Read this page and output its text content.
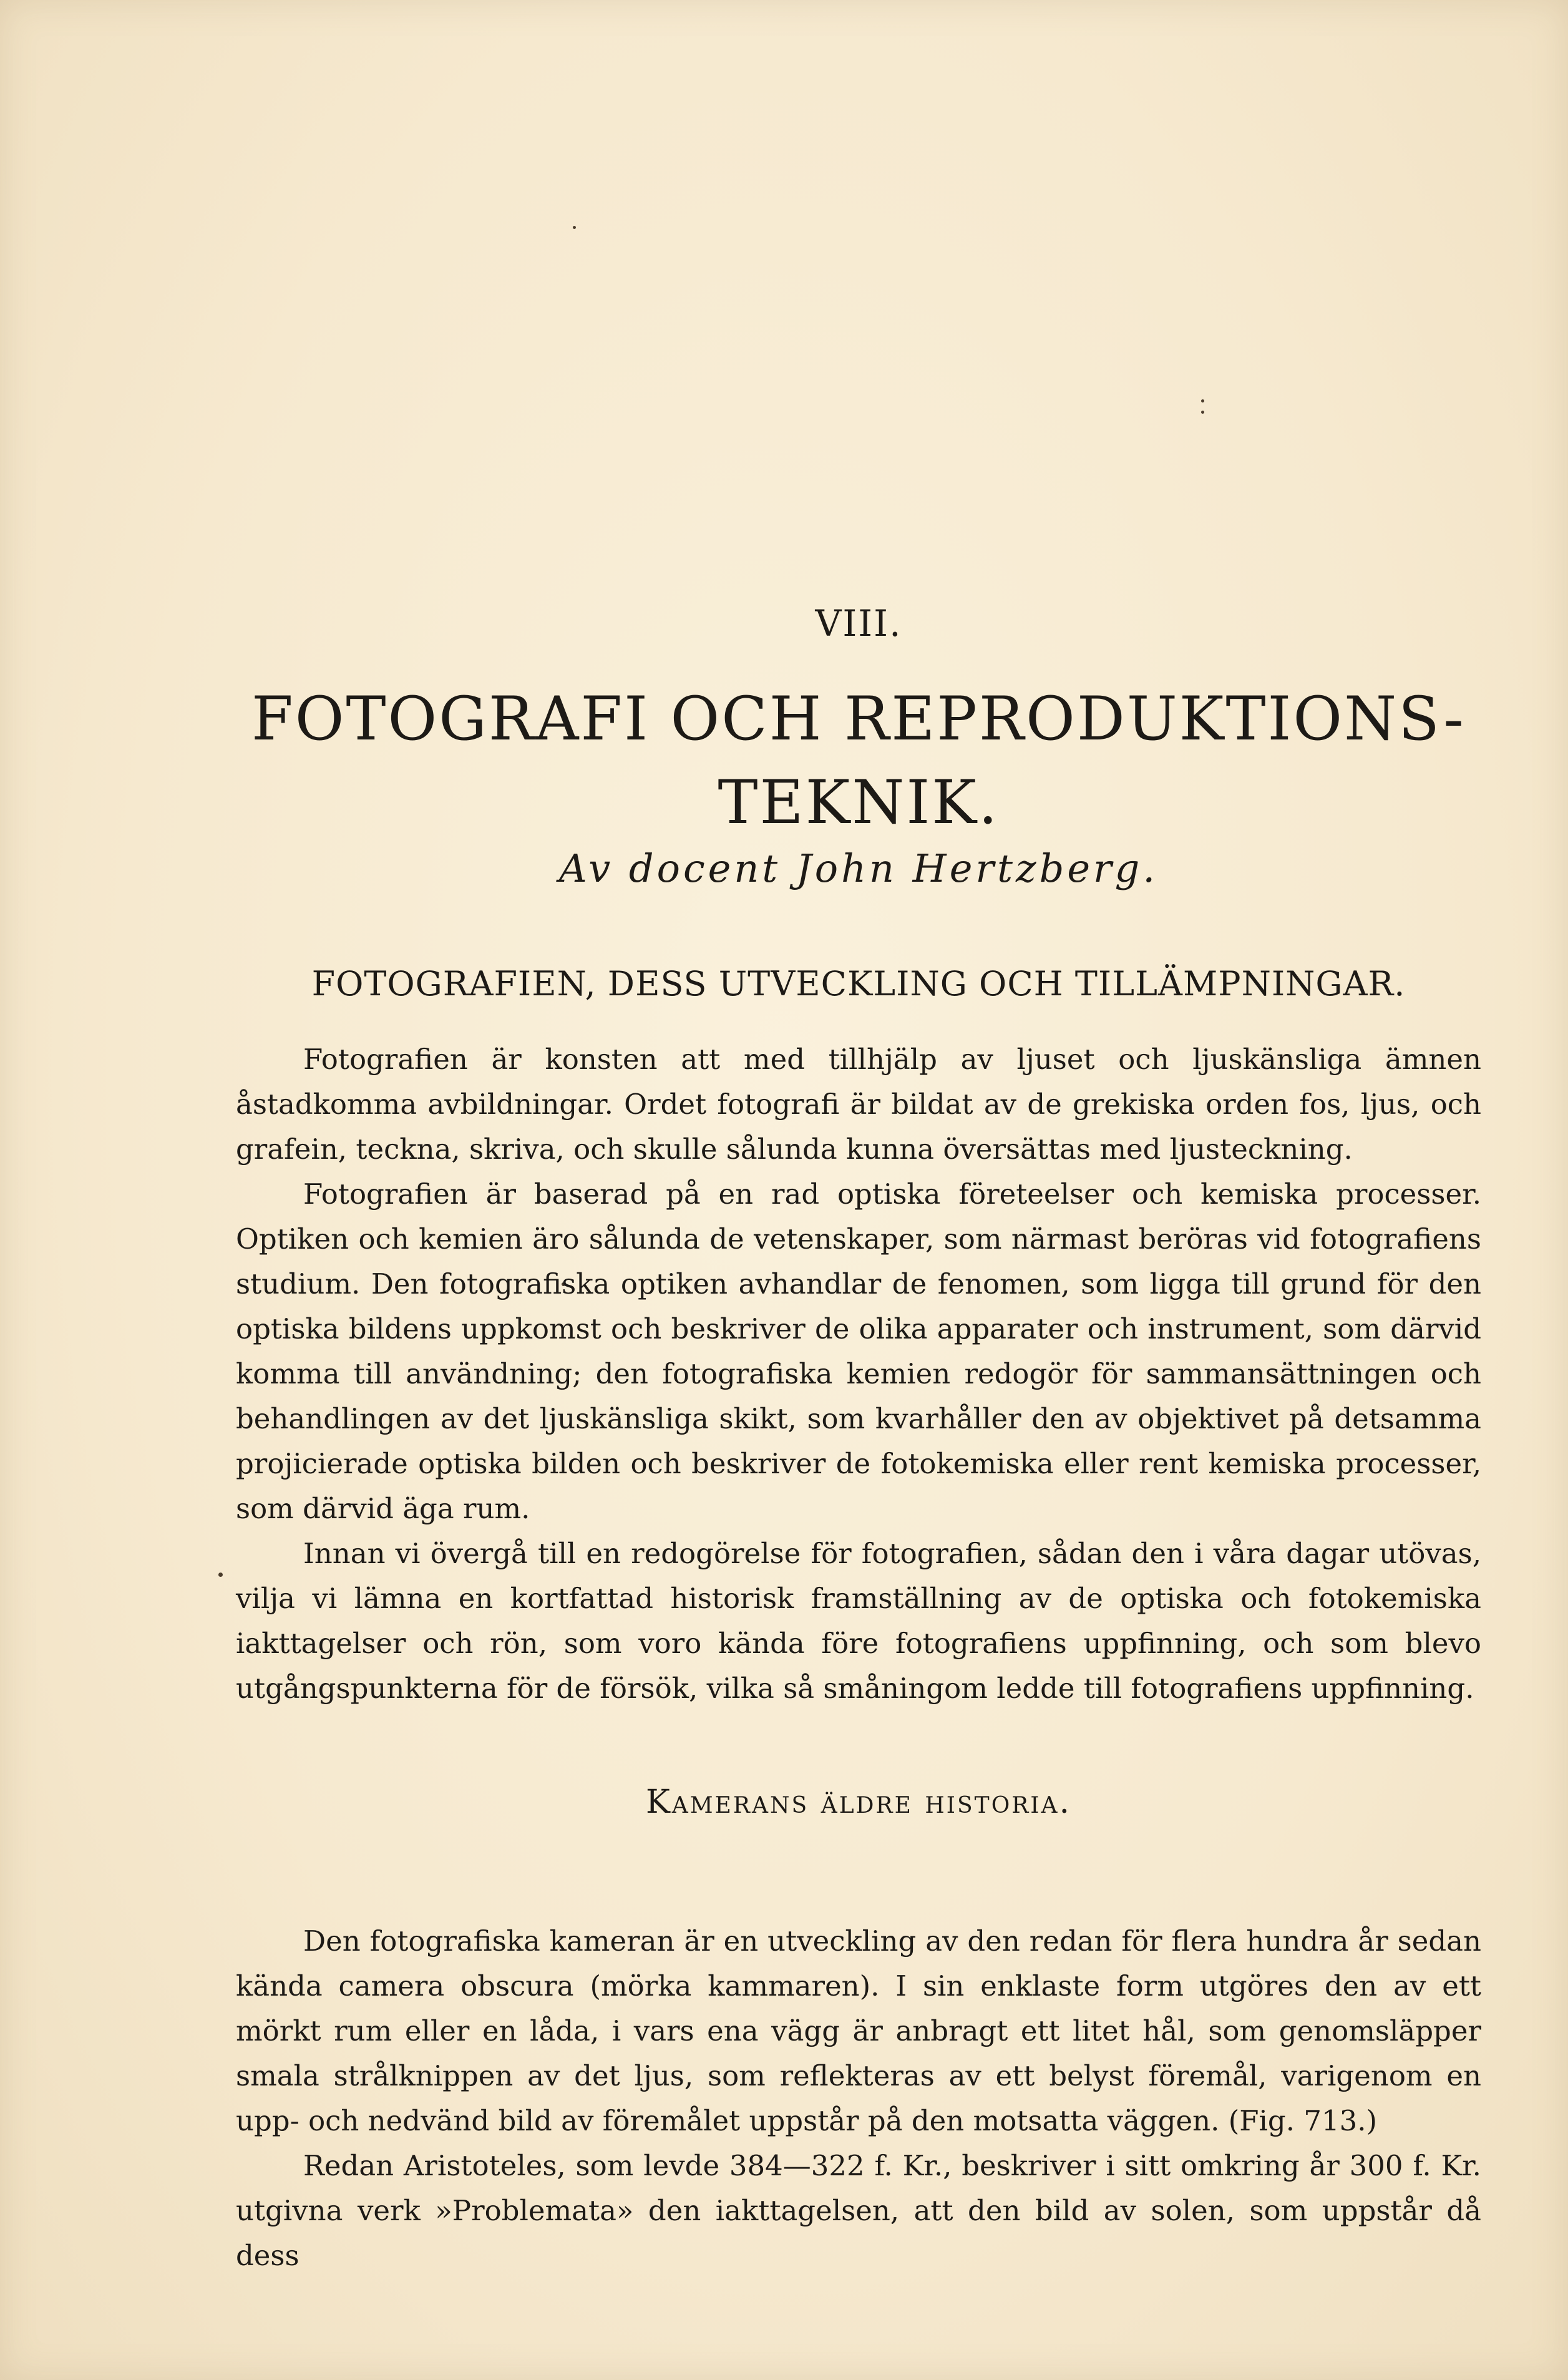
VIII.
FOTOGRAFI OCH REPRODUKTIONS-
TEKNIK.
Av docent John Hertzberg.
FOTOGRAFIEN, DESS UTVECKLING OCH TILLÄMPNINGAR.

Fotografien är konsten att med tillhjälp av ljuset och ljuskänsliga ämnen åstadkomma avbildningar. Ordet fotografi är bildat av de grekiska orden fos, ljus, och grafein, teckna, skriva, och skulle sålunda kunna översättas med ljusteckning.

Fotografien är baserad på en rad optiska företeelser och kemiska processer. Optiken och kemien äro sålunda de vetenskaper, som närmast beröras vid fotografiens studium. Den fotografiska optiken avhandlar de fenomen, som ligga till grund för den optiska bildens uppkomst och beskriver de olika apparater och instrument, som därvid komma till användning; den fotografiska kemien redogör för sammansättningen och behandlingen av det ljuskänsliga skikt, som kvarhåller den av objektivet på detsamma projicierade optiska bilden och beskriver de fotokemiska eller rent kemiska processer, som därvid äga rum.

Innan vi övergå till en redogörelse för fotografien, sådan den i våra dagar utövas, vilja vi lämna en kortfattad historisk framställning av de optiska och fotokemiska iakttagelser och rön, som voro kända före fotografiens uppfinning, och som blevo utgångspunkterna för de försök, vilka så småningom ledde till fotografiens uppfinning.

Kamerans äldre historia.

Den fotografiska kameran är en utveckling av den redan för flera hundra år sedan kända camera obscura (mörka kammaren). I sin enklaste form utgöres den av ett mörkt rum eller en låda, i vars ena vägg är anbragt ett litet hål, som genomsläpper smala strålknippen av det ljus, som reflekteras av ett belyst föremål, varigenom en upp- och nedvänd bild av föremålet uppstår på den motsatta väggen. (Fig. 713.)

Redan Aristoteles, som levde 384—322 f. Kr., beskriver i sitt omkring år 300 f. Kr. utgivna verk »Problemata» den iakttagelsen, att den bild av solen, som uppstår då dess
